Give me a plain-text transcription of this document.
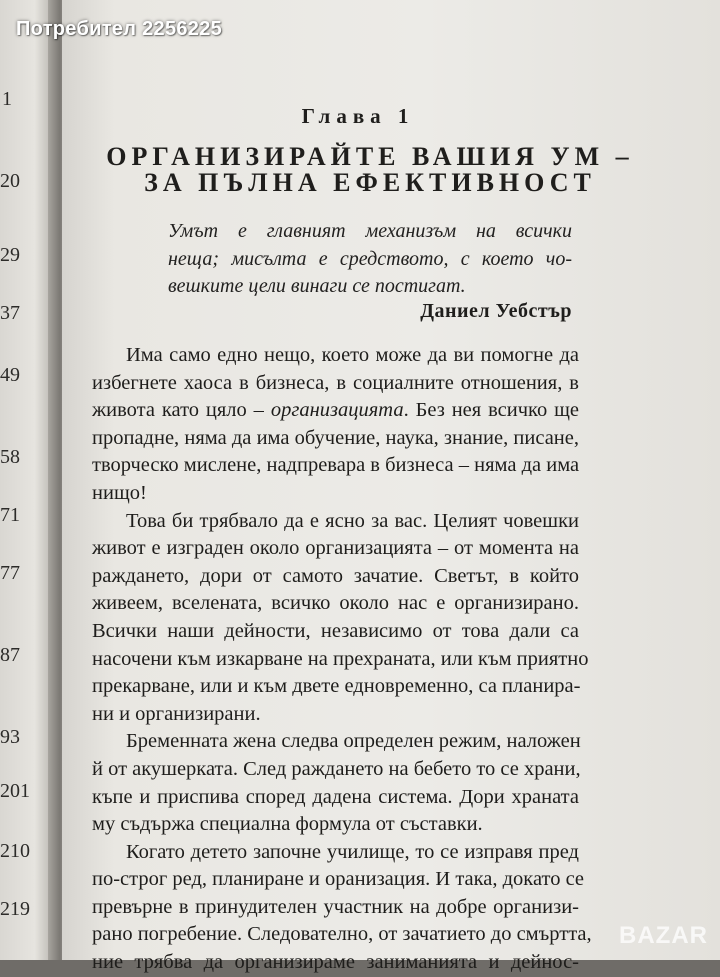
1
20
29
37
49
58
71
77
87
93
201
210
219
Глава 1
ОРГАНИЗИРАЙТЕ ВАШИЯ УМ –
ЗА ПЪЛНА ЕФЕКТИВНОСТ
Умът е главният механизъм на всички
неща; мисълта е средството, с което чо-
вешките цели винаги се постигат.
Даниел Уебстър
Има само едно нещо, което може да ви помогне да
избегнете хаоса в бизнеса, в социалните отношения, в
живота като цяло – организацията. Без нея всичко ще
пропадне, няма да има обучение, наука, знание, писане,
творческо мислене, надпревара в бизнеса – няма да има
нищо!
Това би трябвало да е ясно за вас. Целият човешки
живот е изграден около организацията – от момента на
раждането, дори от самото зачатие. Светът, в който
живеем, вселената, всичко около нас е организирано.
Всички наши дейности, независимо от това дали са
насочени към изкарване на прехраната, или към приятно
прекарване, или и към двете едновременно, са планира-
ни и организирани.
Бременната жена следва определен режим, наложен
й от акушерката. След раждането на бебето то се храни,
къпе и приспива според дадена система. Дори храната
му съдържа специална формула от съставки.
Когато детето започне училище, то се изправя пред
по-строг ред, планиране и оранизация. И така, докато се
превърне в принудителен участник на добре организи-
рано погребение. Следователно, от зачатието до смъртта,
ние трябва да организираме заниманията и дейнос-
Потребител 2256225
BAZAR
